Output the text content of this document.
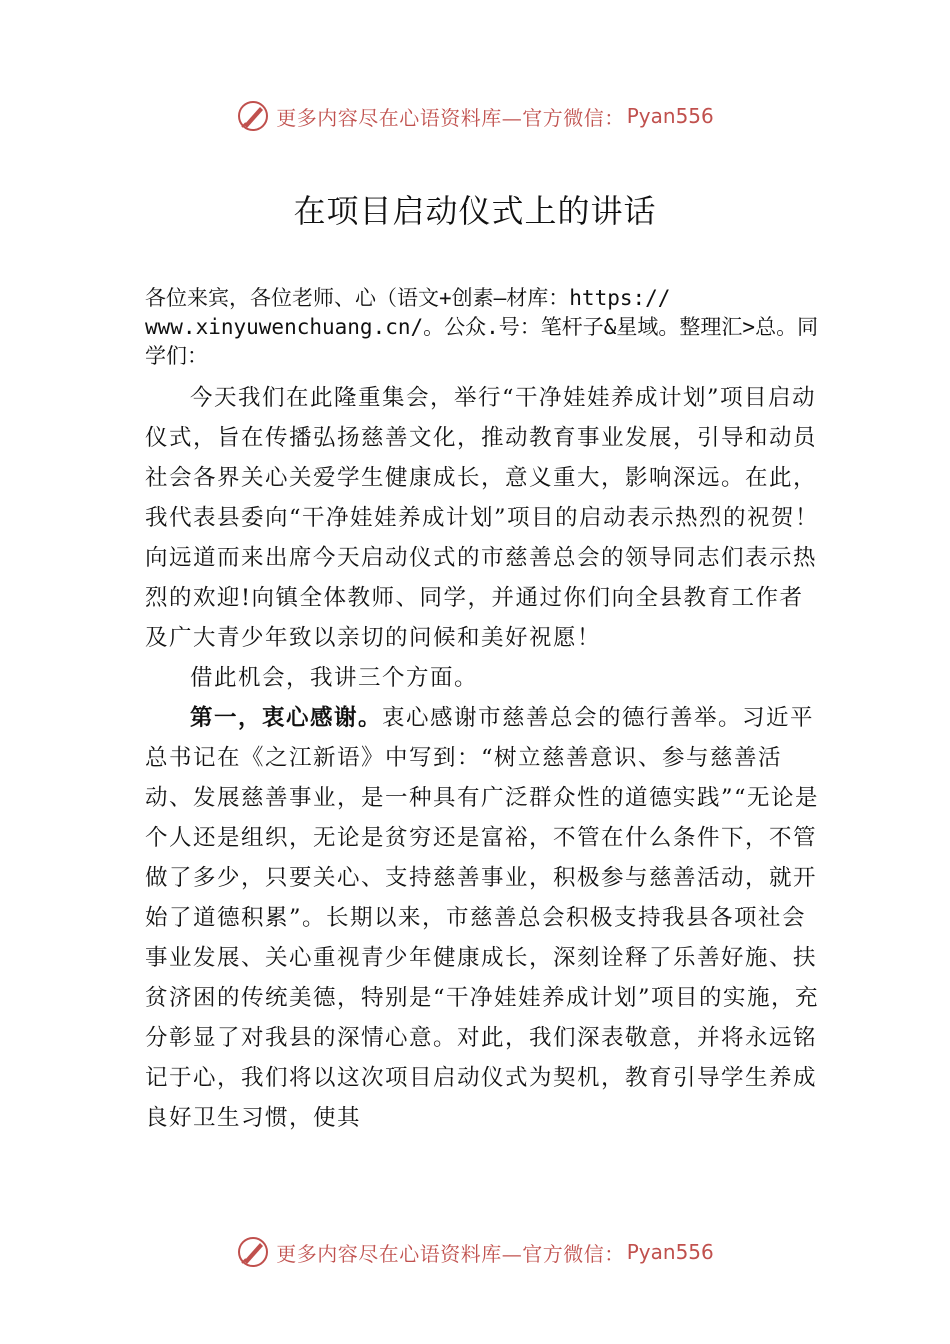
更多内容尽在心语资料库—官方微信： Pyan556
在项目启动仪式上的讲话
各位来宾，各位老师、心（语文+创素—材库：https:// www.xinyuwenchuang.cn/。公众.号：笔杆子&星域。整理汇>总。同学们：

今天我们在此隆重集会，举行“干净娃娃养成计划”项目启动仪式，旨在传播弘扬慈善文化，推动教育事业发展，引导和动员社会各界关心关爱学生健康成长，意义重大，影响深远。在此，我代表县委向“干净娃娃养成计划”项目的启动表示热烈的祝贺！向远道而来出席今天启动仪式的市慈善总会的领导同志们表示热烈的欢迎!向镇全体教师、同学，并通过你们向全县教育工作者及广大青少年致以亲切的问候和美好祝愿！

借此机会，我讲三个方面。

第一，衷心感谢。衷心感谢市慈善总会的德行善举。习近平总书记在《之江新语》中写到：“树立慈善意识、参与慈善活动、发展慈善事业，是一种具有广泛群众性的道德实践”“无论是个人还是组织，无论是贫穷还是富裕，不管在什么条件下，不管做了多少，只要关心、支持慈善事业，积极参与慈善活动，就开始了道德积累”。长期以来，市慈善总会积极支持我县各项社会事业发展、关心重视青少年健康成长，深刻诠释了乐善好施、扶贫济困的传统美德，特别是“干净娃娃养成计划”项目的实施，充分彰显了对我县的深情心意。对此，我们深表敬意，并将永远铭记于心，我们将以这次项目启动仪式为契机，教育引导学生养成良好卫生习惯，使其

更多内容尽在心语资料库—官方微信： Pyan556
